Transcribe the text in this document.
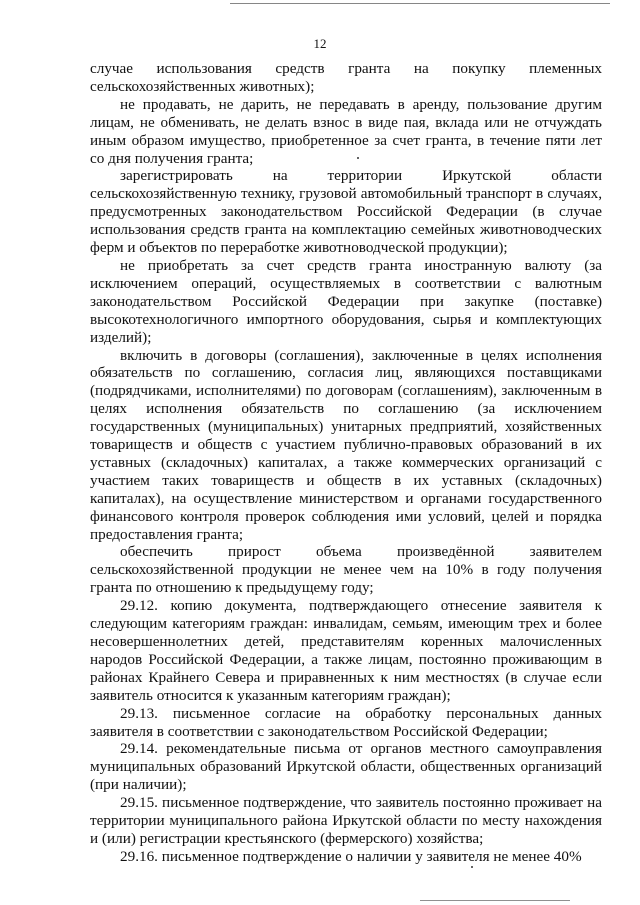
12

случае использования средств гранта на покупку племенных сельскохозяйственных животных);

не продавать, не дарить, не передавать в аренду, пользование другим лицам, не обменивать, не делать взнос в виде пая, вклада или не отчуждать иным образом имущество, приобретенное за счет гранта, в течение пяти лет со дня получения гранта;

зарегистрировать на территории Иркутской области сельскохозяйственную технику, грузовой автомобильный транспорт в случаях, предусмотренных законодательством Российской Федерации (в случае использования средств гранта на комплектацию семейных животноводческих ферм и объектов по переработке животноводческой продукции);

не приобретать за счет средств гранта иностранную валюту (за исключением операций, осуществляемых в соответствии с валютным законодательством Российской Федерации при закупке (поставке) высокотехнологичного импортного оборудования, сырья и комплектующих изделий);

включить в договоры (соглашения), заключенные в целях исполнения обязательств по соглашению, согласия лиц, являющихся поставщиками (подрядчиками, исполнителями) по договорам (соглашениям), заключенным в целях исполнения обязательств по соглашению (за исключением государственных (муниципальных) унитарных предприятий, хозяйственных товариществ и обществ с участием публично-правовых образований в их уставных (складочных) капиталах, а также коммерческих организаций с участием таких товариществ и обществ в их уставных (складочных) капиталах), на осуществление министерством и органами государственного финансового контроля проверок соблюдения ими условий, целей и порядка предоставления гранта;

обеспечить прирост объема произведённой заявителем сельскохозяйственной продукции не менее чем на 10% в году получения гранта по отношению к предыдущему году;

29.12. копию документа, подтверждающего отнесение заявителя к следующим категориям граждан: инвалидам, семьям, имеющим трех и более несовершеннолетних детей, представителям коренных малочисленных народов Российской Федерации, а также лицам, постоянно проживающим в районах Крайнего Севера и приравненных к ним местностях (в случае если заявитель относится к указанным категориям граждан);

29.13. письменное согласие на обработку персональных данных заявителя в соответствии с законодательством Российской Федерации;

29.14. рекомендательные письма от органов местного самоуправления муниципальных образований Иркутской области, общественных организаций (при наличии);

29.15. письменное подтверждение, что заявитель постоянно проживает на территории муниципального района Иркутской области по месту нахождения и (или) регистрации крестьянского (фермерского) хозяйства;

29.16. письменное подтверждение о наличии у заявителя не менее 40%
